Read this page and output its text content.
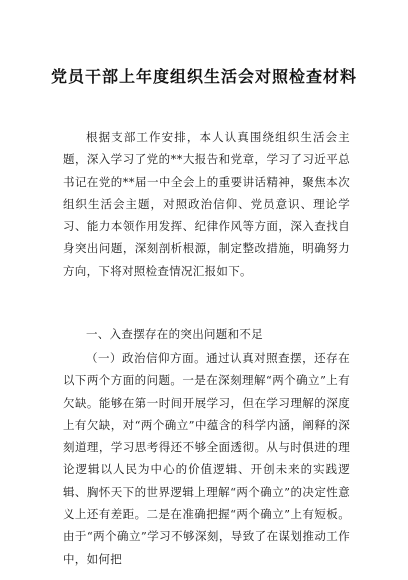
党员干部上年度组织生活会对照检查材料

根据支部工作安排，本人认真围绕组织生活会主题，深入学习了党的**大报告和党章，学习了习近平总书记在党的**届一中全会上的重要讲话精神，聚焦本次组织生活会主题，对照政治信仰、党员意识、理论学习、能力本领作用发挥、纪律作风等方面，深入查找自身突出问题，深刻剖析根源，制定整改措施，明确努力方向，下将对照检查情况汇报如下。

一、入查摆存在的突出问题和不足

（一）政治信仰方面。通过认真对照查摆，还存在以下两个方面的问题。一是在深刻理解“两个确立”上有欠缺。能够在第一时间开展学习，但在学习理解的深度上有欠缺，对“两个确立”中蕴含的科学内涵，阐释的深刻道理，学习思考得还不够全面透彻。从与时俱进的理论逻辑以人民为中心的价值逻辑、开创未来的实践逻辑、胸怀天下的世界逻辑上理解“两个确立”的决定性意义上还有差距。二是在准确把握“两个确立”上有短板。由于“两个确立”学习不够深刻，导致了在谋划推动工作中，如何把
